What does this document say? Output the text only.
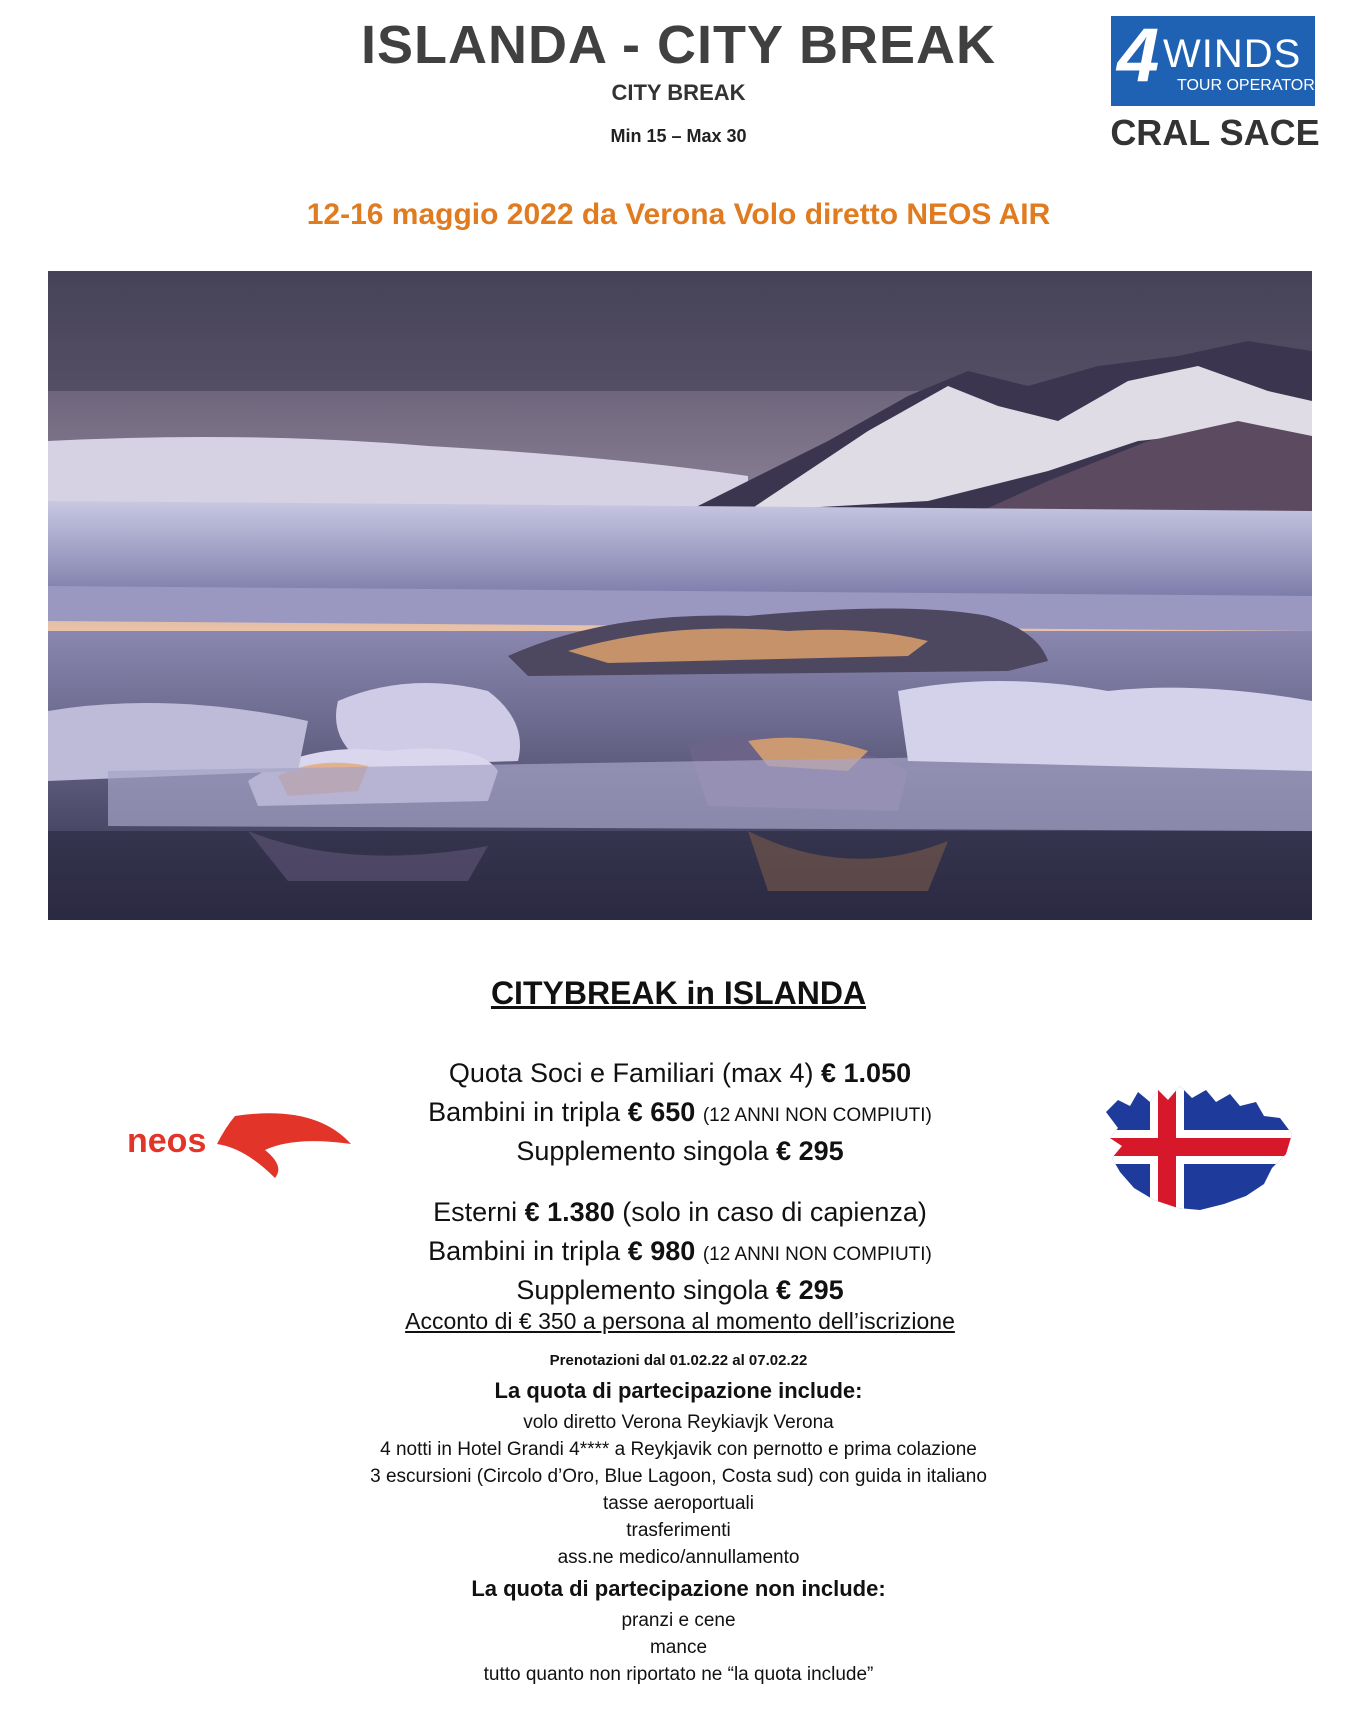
ISLANDA - CITY BREAK
CITY BREAK
Min 15 – Max 30
12-16 maggio 2022 da Verona Volo diretto NEOS AIR
4 WINDS
TOUR OPERATOR
CRAL SACE
CITYBREAK in ISLANDA
neos
Quota Soci e Familiari (max 4) € 1.050
Bambini in tripla € 650 (12 ANNI NON COMPIUTI)
Supplemento singola € 295
Esterni € 1.380 (solo in caso di capienza)
Bambini in tripla € 980 (12 ANNI NON COMPIUTI)
Supplemento singola € 295
Acconto di € 350 a persona al momento dell’iscrizione
Prenotazioni dal 01.02.22 al 07.02.22
La quota di partecipazione include:
volo diretto Verona Reykiavjk Verona
4 notti in Hotel Grandi 4**** a Reykjavik con pernotto e prima colazione
3 escursioni (Circolo d’Oro, Blue Lagoon, Costa sud) con guida in italiano
tasse aeroportuali
trasferimenti
ass.ne medico/annullamento
La quota di partecipazione non include:
pranzi e cene
mance
tutto quanto non riportato ne “la quota include”
